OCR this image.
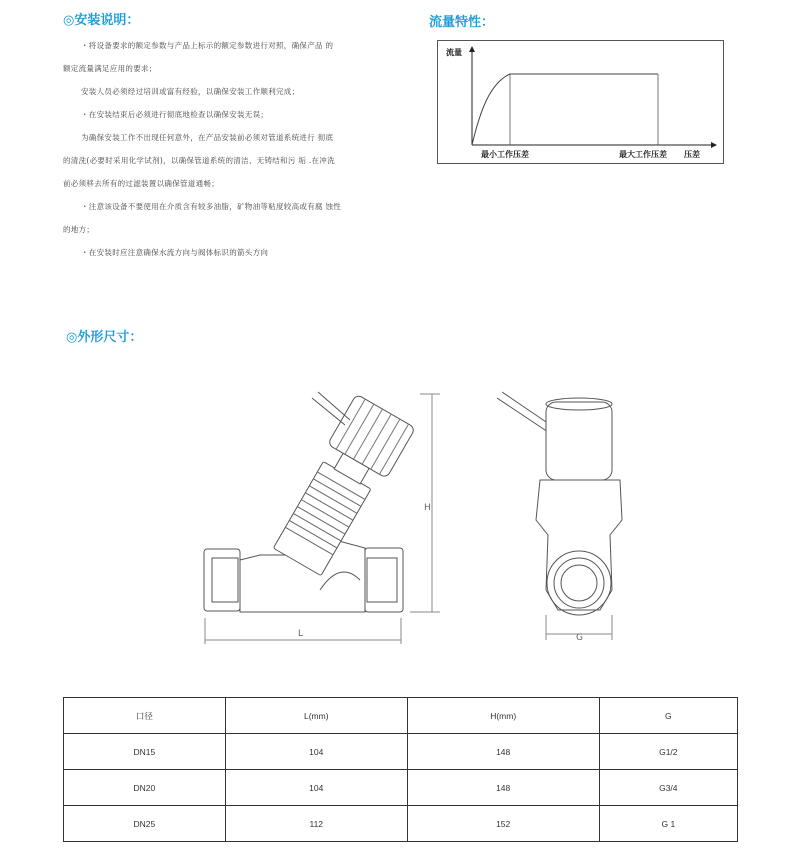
◎安装说明：

・将设备要求的额定参数与产品上标示的额定参数进行对照，确保产品 的

额定流量满足应用的要求；

安装人员必须经过培训或富有经验，以确保安装工作顺利完成；

・在安装结束后必须进行彻底地检查以确保安装无误；

为确保安装工作不出现任何意外，在产品安装前必须对管道系统进行 彻底

的清洗(必要时采用化学试剂)，以确保管道系统的清洁、无铸结和污 垢 .在冲洗

前必须移去所有的过滤装置以确保管道通畅；

・注意该设备不要使用在介质含有较多油脂，矿物油等粘度较高或有腐 蚀性

的地方；

・在安装时应注意确保水流方向与阀体标识的箭头方向

流量特性：
流量
压差
最小工作压差	最大工作压差
◎外形尺寸：
H
L	G
口径	L(mm)	H(mm)	G
DN15	104	148	G1/2
DN20	104	148	G3/4
DN25	112	152	G 1
